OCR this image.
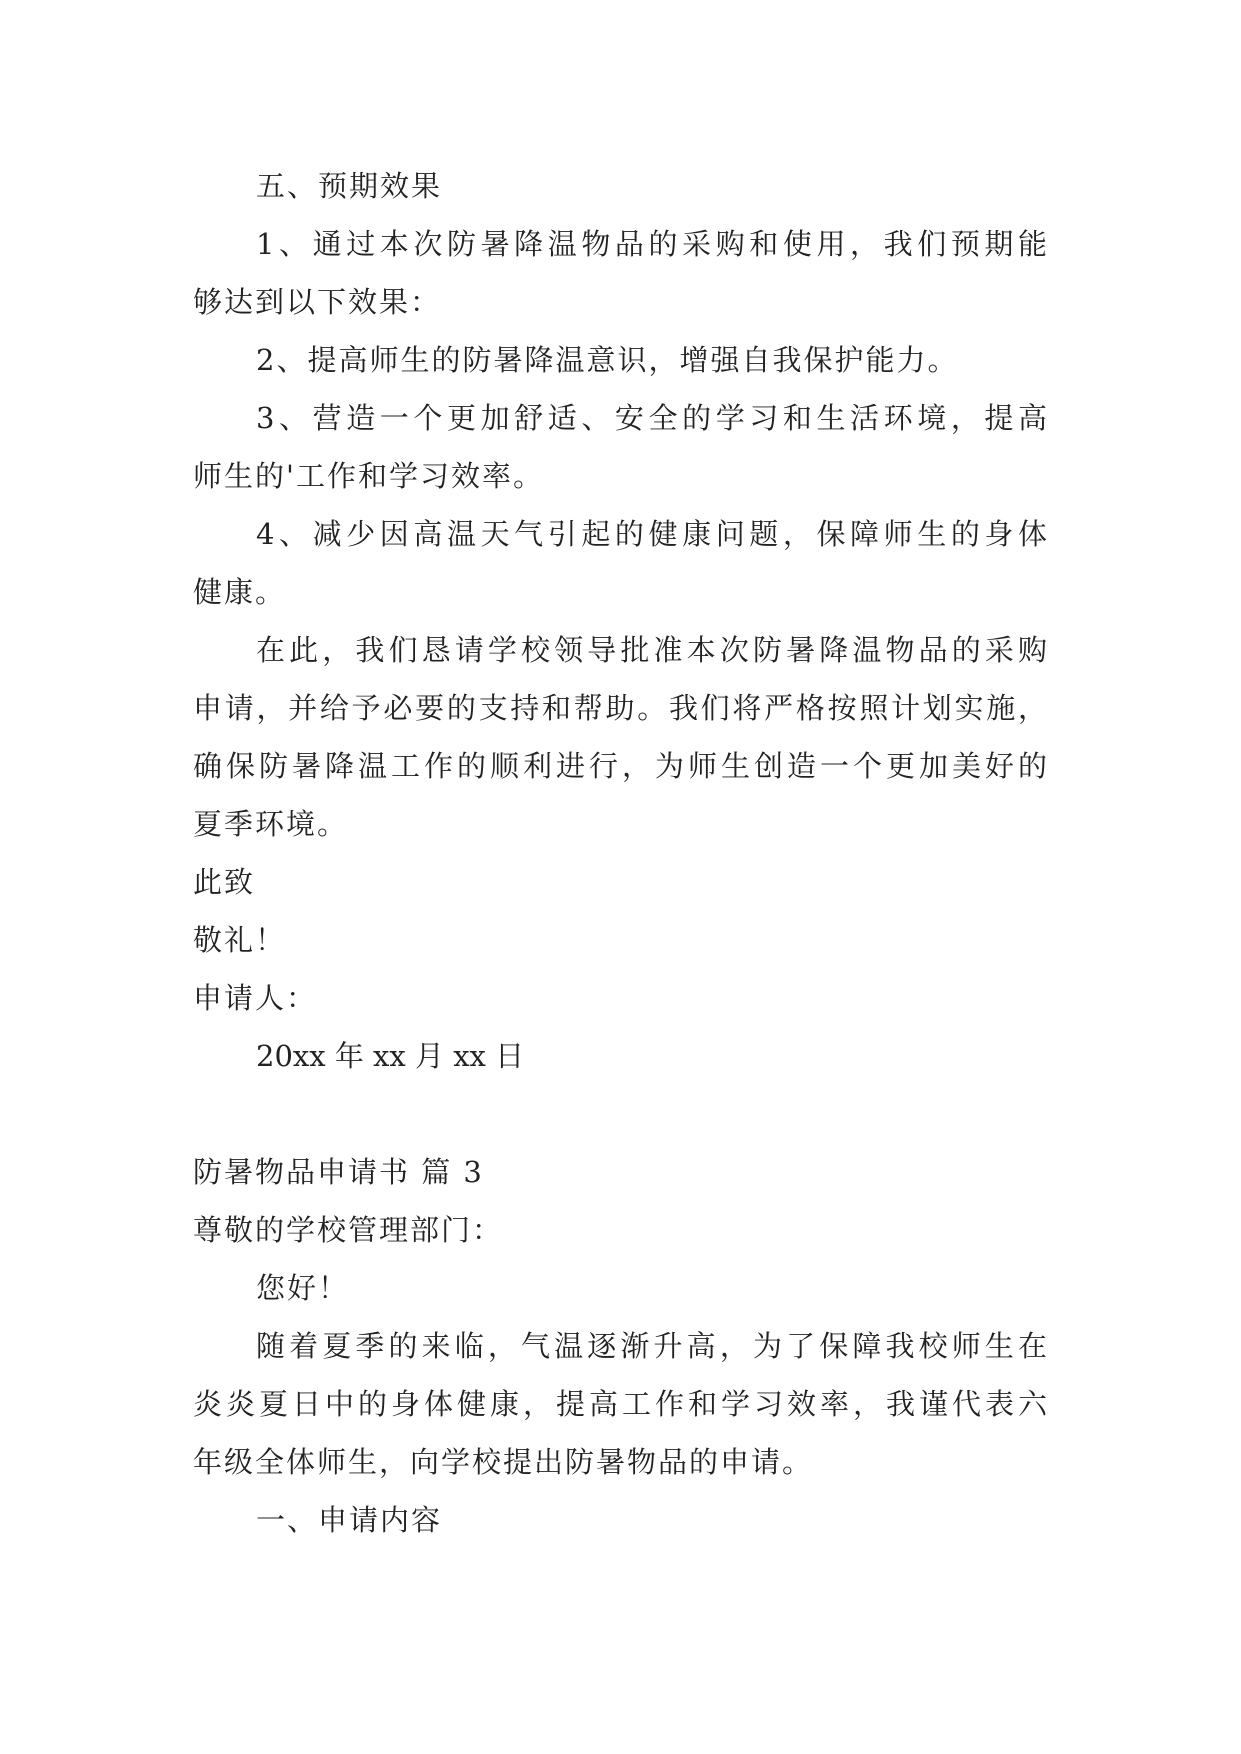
五、预期效果
1、通过本次防暑降温物品的采购和使用，我们预期能
够达到以下效果：
2、提高师生的防暑降温意识，增强自我保护能力。
3、营造一个更加舒适、安全的学习和生活环境，提高
师生的'工作和学习效率。
4、减少因高温天气引起的健康问题，保障师生的身体
健康。
在此，我们恳请学校领导批准本次防暑降温物品的采购
申请，并给予必要的支持和帮助。我们将严格按照计划实施，
确保防暑降温工作的顺利进行，为师生创造一个更加美好的
夏季环境。
此致
敬礼！
申请人：
20xx 年 xx 月 xx 日
防暑物品申请书 篇 3
尊敬的学校管理部门：
您好！
随着夏季的来临，气温逐渐升高，为了保障我校师生在
炎炎夏日中的身体健康，提高工作和学习效率，我谨代表六
年级全体师生，向学校提出防暑物品的申请。
一、申请内容
